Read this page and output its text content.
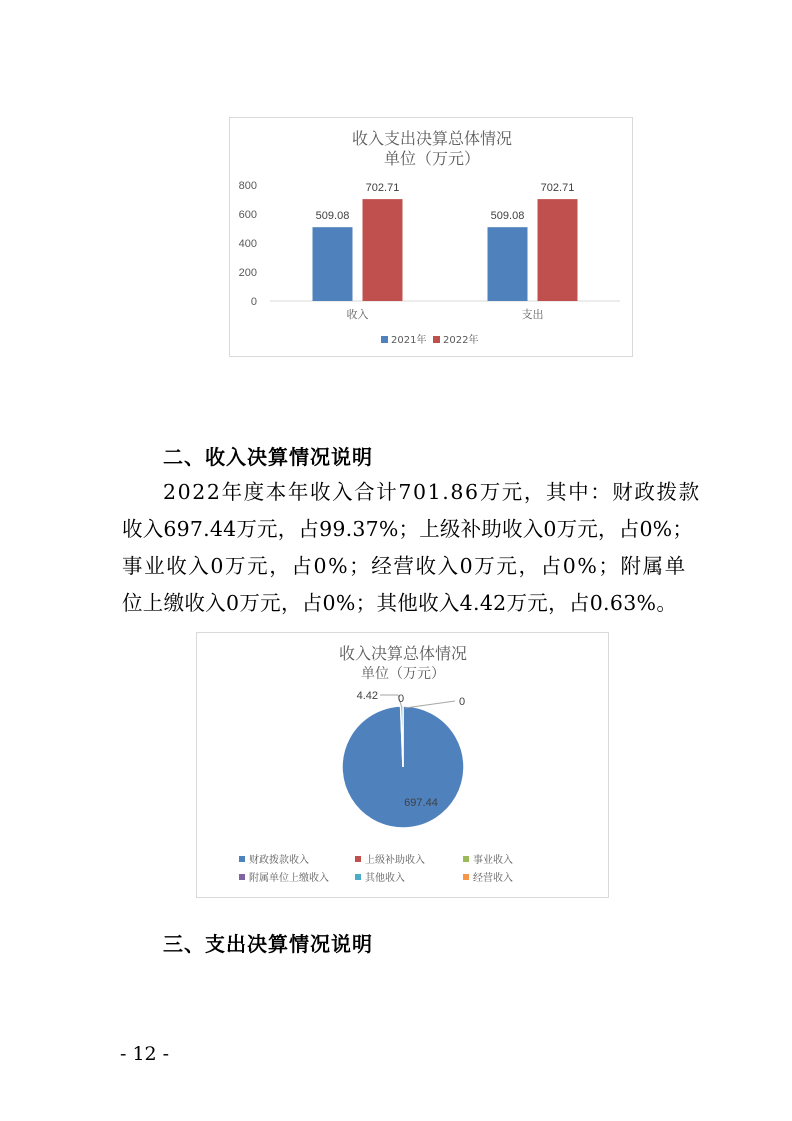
收入支出决算总体情况
单位（万元）
0
200
400
600
800
收入
509.08
702.71
支出
509.08
702.71
2021年 2022年
二、收入决算情况说明
2022年度本年收入合计701.86万元，其中：财政拨款
收入697.44万元，占99.37%；上级补助收入0万元，占0%；
事业收入0万元，占0%；经营收入0万元，占0%；附属单
位上缴收入0万元，占0%；其他收入4.42万元，占0.63%。
收入决算总体情况
单位（万元）
697.44
4.42 0	0
财政拨款收入	上级补助收入	事业收入
附属单位上缴收入	其他收入	经营收入
三、支出决算情况说明
- 12 -
